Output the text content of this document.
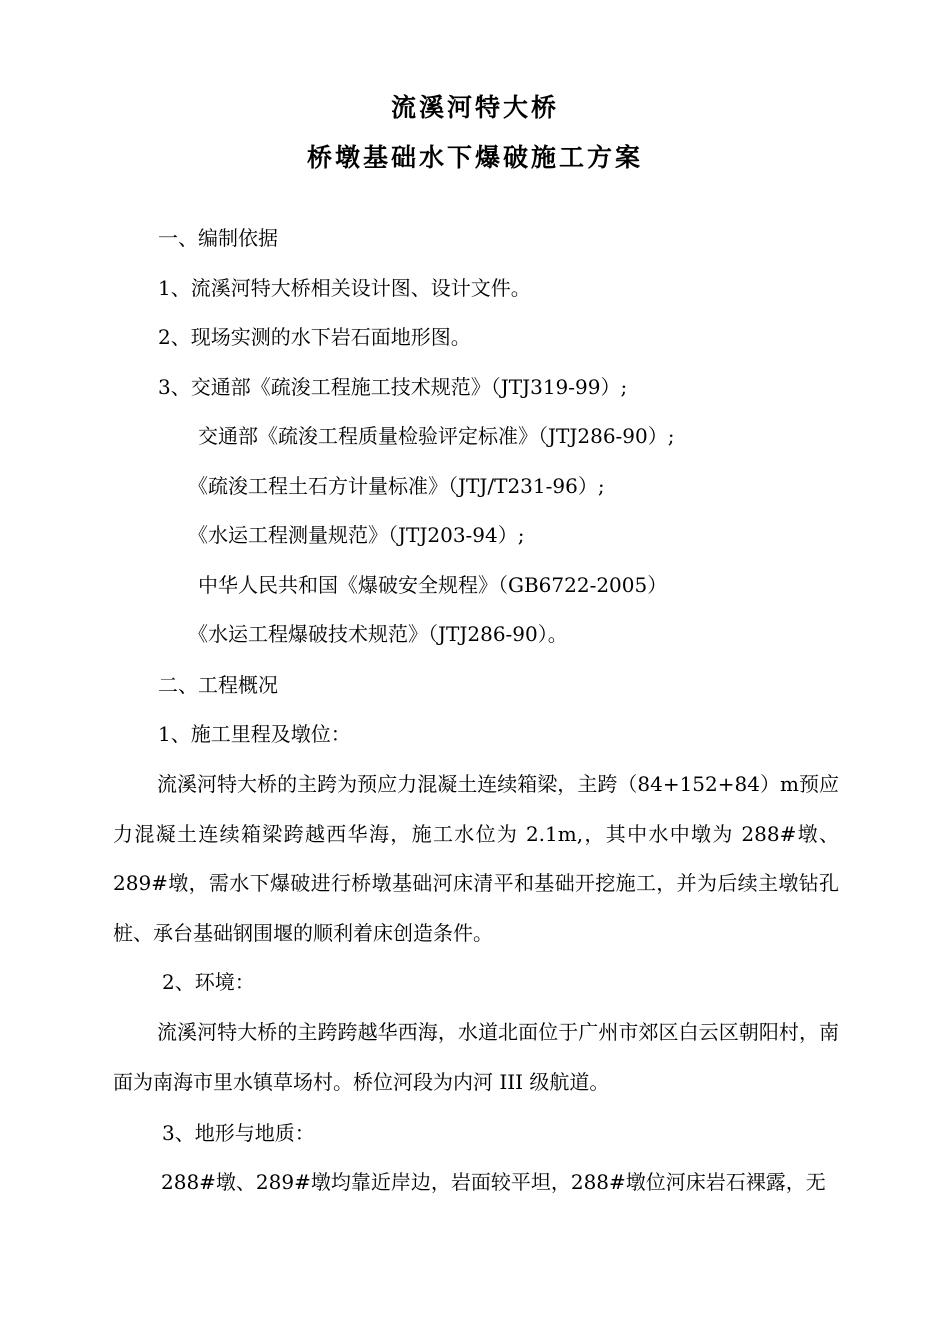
流溪河特大桥
桥墩基础水下爆破施工方案
一、编制依据
1、流溪河特大桥相关设计图、设计文件。
2、现场实测的水下岩石面地形图。
3、交通部《疏浚工程施工技术规范》（JTJ319-99）;
交通部《疏浚工程质量检验评定标准》（JTJ286-90）;
《疏浚工程土石方计量标准》（JTJ/T231-96）;
《水运工程测量规范》（JTJ203-94）;
中华人民共和国《爆破安全规程》（GB6722-2005）
《水运工程爆破技术规范》（JTJ286-90）。
二、工程概况
1、施工里程及墩位：
流溪河特大桥的主跨为预应力混凝土连续箱梁，主跨（84+152+84）m预应力混凝土连续箱梁跨越西华海，施工水位为 2.1m,，其中水中墩为 288#墩、289#墩，需水下爆破进行桥墩基础河床清平和基础开挖施工，并为后续主墩钻孔桩、承台基础钢围堰的顺利着床创造条件。
2、环境：
流溪河特大桥的主跨跨越华西海，水道北面位于广州市郊区白云区朝阳村，南面为南海市里水镇草场村。桥位河段为内河 III 级航道。
3、地形与地质：
288#墩、289#墩均靠近岸边，岩面较平坦，288#墩位河床岩石裸露，无
